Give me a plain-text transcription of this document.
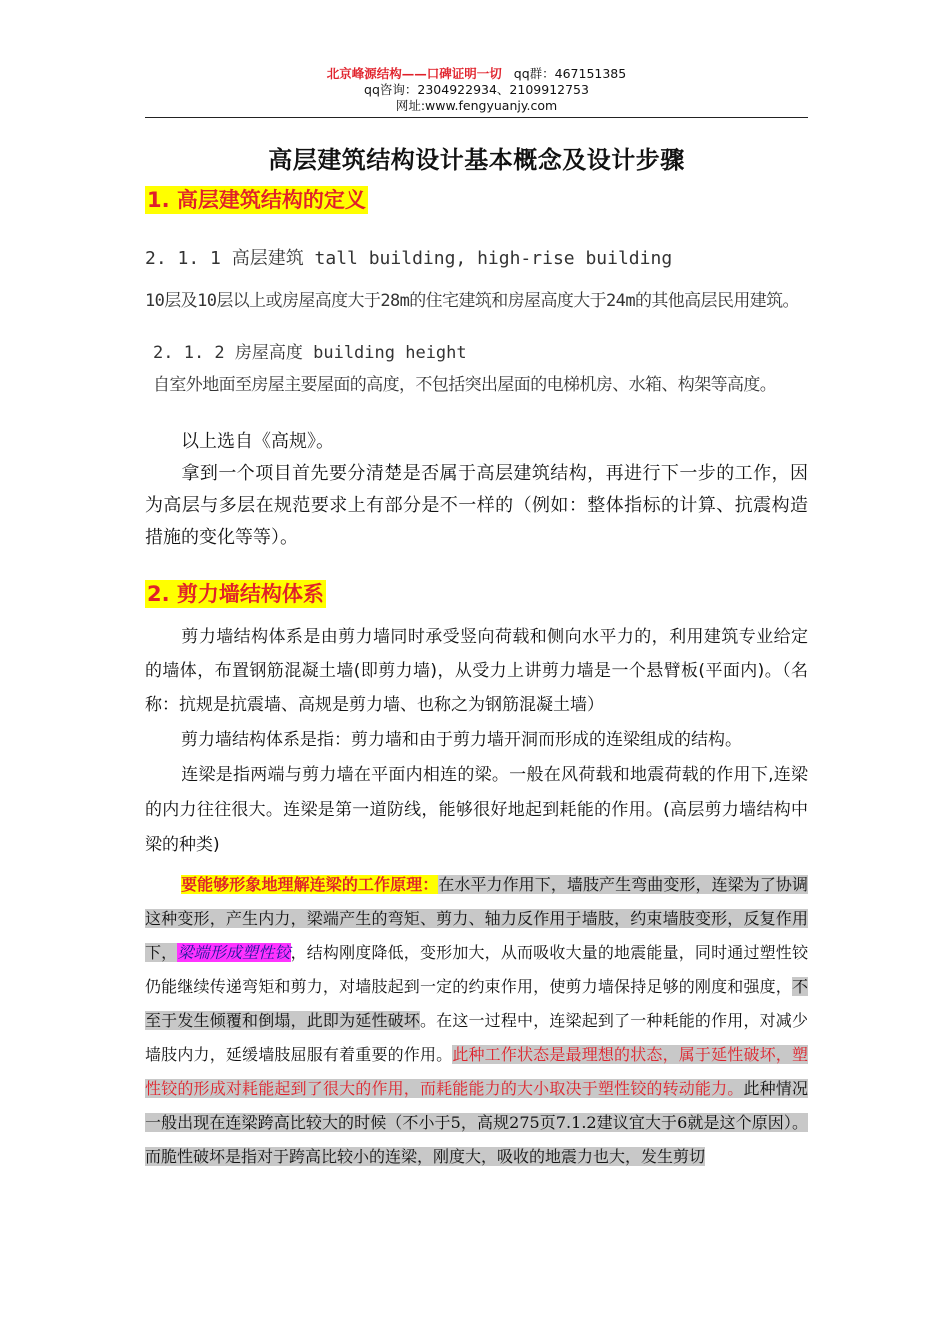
北京峰源结构——口碑证明一切 qq群：467151385
qq咨询：2304922934、2109912753
网址:www.fengyuanjy.com
高层建筑结构设计基本概念及设计步骤
1. 高层建筑结构的定义
2. 1. 1 高层建筑 tall building, high-rise building
10层及10层以上或房屋高度大于28m的住宅建筑和房屋高度大于24m的其他高层民用建筑。
2. 1. 2 房屋高度 building height
自室外地面至房屋主要屋面的高度，不包括突出屋面的电梯机房、水箱、构架等高度。
以上选自《高规》。
拿到一个项目首先要分清楚是否属于高层建筑结构，再进行下一步的工作，因为高层与多层在规范要求上有部分是不一样的（例如：整体指标的计算、抗震构造措施的变化等等）。
2. 剪力墙结构体系
剪力墙结构体系是由剪力墙同时承受竖向荷载和侧向水平力的，利用建筑专业给定的墙体，布置钢筋混凝土墙(即剪力墙)，从受力上讲剪力墙是一个悬臂板(平面内)。（名称：抗规是抗震墙、高规是剪力墙、也称之为钢筋混凝土墙）
剪力墙结构体系是指：剪力墙和由于剪力墙开洞而形成的连梁组成的结构。
连梁是指两端与剪力墙在平面内相连的梁。一般在风荷载和地震荷载的作用下,连梁的内力往往很大。连梁是第一道防线，能够很好地起到耗能的作用。(高层剪力墙结构中梁的种类)
要能够形象地理解连梁的工作原理：在水平力作用下，墙肢产生弯曲变形，连梁为了协调这种变形，产生内力，梁端产生的弯矩、剪力、轴力反作用于墙肢，约束墙肢变形，反复作用下，梁端形成塑性铰，结构刚度降低，变形加大，从而吸收大量的地震能量，同时通过塑性铰仍能继续传递弯矩和剪力，对墙肢起到一定的约束作用，使剪力墙保持足够的刚度和强度，不至于发生倾覆和倒塌，此即为延性破坏。在这一过程中，连梁起到了一种耗能的作用，对减少墙肢内力，延缓墙肢屈服有着重要的作用。此种工作状态是最理想的状态，属于延性破坏，塑性铰的形成对耗能起到了很大的作用，而耗能能力的大小取决于塑性铰的转动能力。此种情况一般出现在连梁跨高比较大的时候（不小于5，高规275页7.1.2建议宜大于6就是这个原因）。而脆性破坏是指对于跨高比较小的连梁，刚度大，吸收的地震力也大，发生剪切
